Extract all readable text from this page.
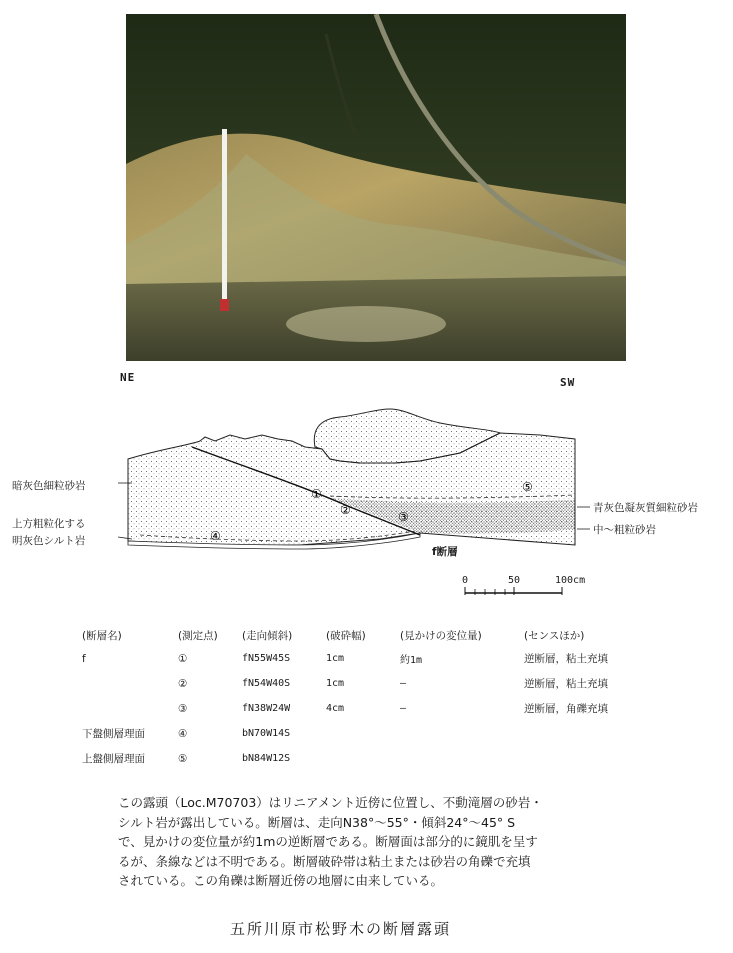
NE	SW
①
②	③
④
⑤
暗灰色細粒砂岩
上方粗粒化する
明灰色シルト岩
青灰色凝灰質細粒砂岩
中～粗粒砂岩
f断層
0	50	100cm
(断層名)	(測定点)	(走向傾斜)	(破砕幅)	(見かけの変位量)	(センスほか)
f	①	fN55W45S	1cm	約1m	逆断層，粘土充填
	②	fN54W40S	1cm	—	逆断層，粘土充填
	③	fN38W24W	4cm	—	逆断層，角礫充填
下盤側層理面	④	bN70W14S			
上盤側層理面	⑤	bN84W12S			

この露頭（Loc.M70703）はリニアメント近傍に位置し、不動滝層の砂岩・

シルト岩が露出している。断層は、走向N38°～55°・傾斜24°～45° S

で、見かけの変位量が約1mの逆断層である。断層面は部分的に鏡肌を呈す

るが、条線などは不明である。断層破砕帯は粘土または砂岩の角礫で充填

されている。この角礫は断層近傍の地層に由来している。

五所川原市松野木の断層露頭
